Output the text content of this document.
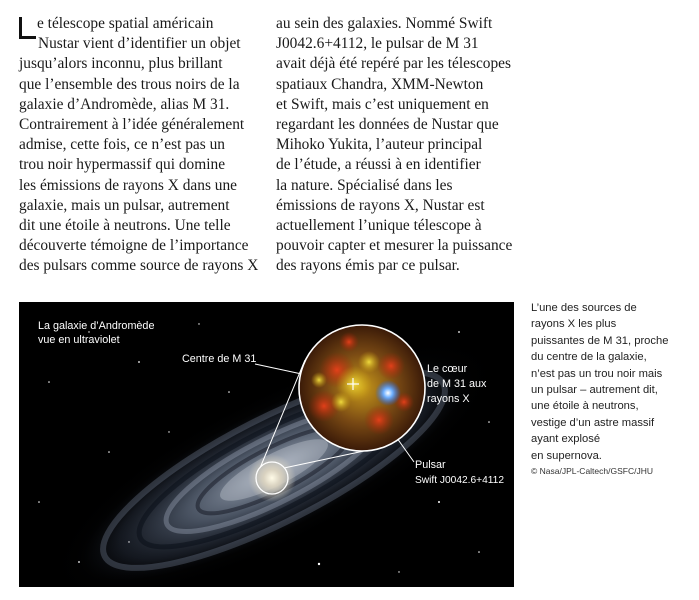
e télescope spatial américain
Nustar vient d’identifier un objet
jusqu’alors inconnu, plus brillant
que l’ensemble des trous noirs de la
galaxie d’Andromède, alias M 31.
Contrairement à l’idée généralement
admise, cette fois, ce n’est pas un
trou noir hypermassif qui domine
les émissions de rayons X dans une
galaxie, mais un pulsar, autrement
dit une étoile à neutrons. Une telle
découverte témoigne de l’importance
des pulsars comme source de rayons X
au sein des galaxies. Nommé Swift
J0042.6+4112, le pulsar de M 31
avait déjà été repéré par les télescopes
spatiaux Chandra, XMM-Newton
et Swift, mais c’est uniquement en
regardant les données de Nustar que
Mihoko Yukita, l’auteur principal
de l’étude, a réussi à en identifier
la nature. Spécialisé dans les
émissions de rayons X, Nustar est
actuellement l’unique télescope à
pouvoir capter et mesurer la puissance
des rayons émis par ce pulsar.
La galaxie d’Andromède
vue en ultraviolet
Centre de M 31
Le cœur
de M 31 aux
rayons X
Pulsar
Swift J0042.6+4112
L’une des sources de
rayons X les plus
puissantes de M 31, proche
du centre de la galaxie,
n’est pas un trou noir mais
un pulsar – autrement dit,
une étoile à neutrons,
vestige d’un astre massif
ayant explosé
en supernova.
© Nasa/JPL-Caltech/GSFC/JHU
